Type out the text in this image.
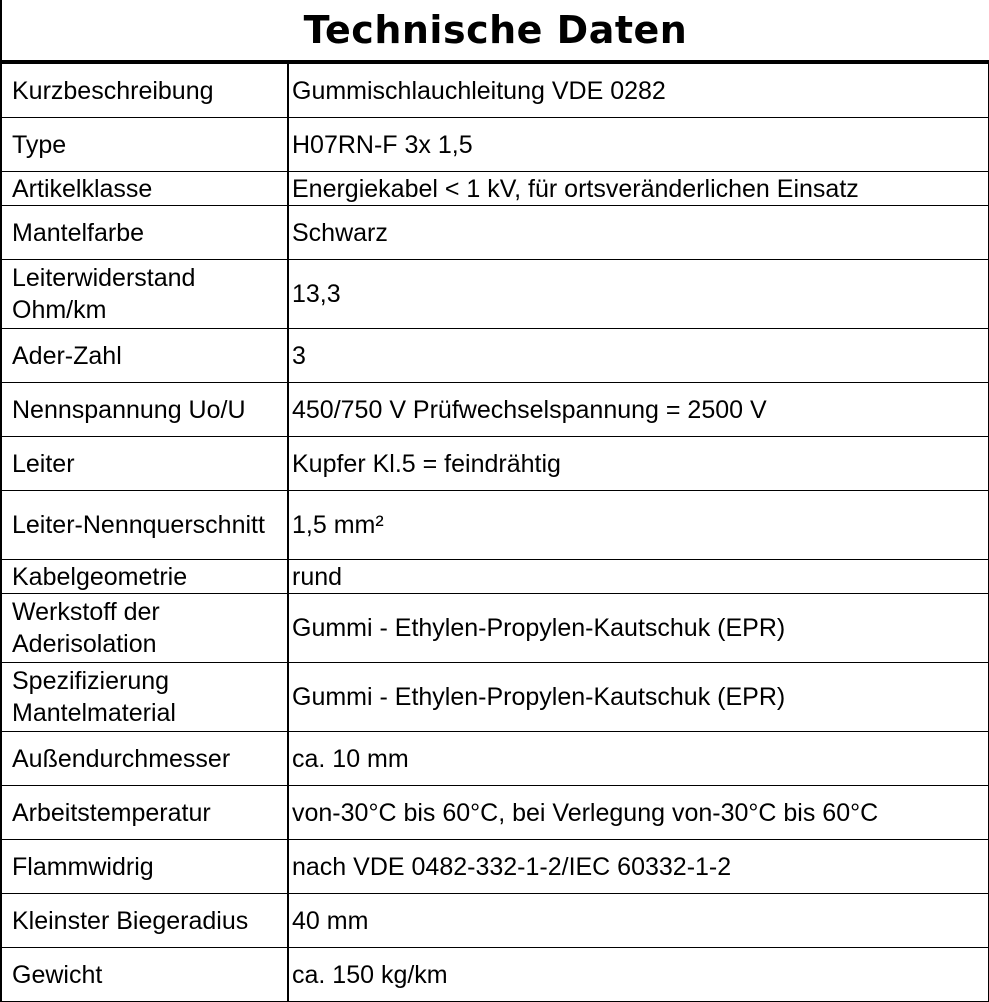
Technische Daten
Kurzbeschreibung	Gummischlauchleitung VDE 0282
Type	H07RN-F 3x 1,5
Artikelklasse	Energiekabel < 1 kV, für ortsveränderlichen Einsatz
Mantelfarbe	Schwarz
Leiterwiderstand Ohm/km	13,3
Ader-Zahl	3
Nennspannung Uo/U	450/750 V Prüfwechselspannung = 2500 V
Leiter	Kupfer Kl.5 = feindrähtig
Leiter-Nennquerschnitt	1,5 mm²
Kabelgeometrie	rund
Werkstoff der Aderisolation	Gummi - Ethylen-Propylen-Kautschuk (EPR)
Spezifizierung Mantelmaterial	Gummi - Ethylen-Propylen-Kautschuk (EPR)
Außendurchmesser	ca. 10 mm
Arbeitstemperatur	von-30°C bis 60°C, bei Verlegung von-30°C bis 60°C
Flammwidrig	nach VDE 0482-332-1-2/IEC 60332-1-2
Kleinster Biegeradius	40 mm
Gewicht	ca. 150 kg/km
